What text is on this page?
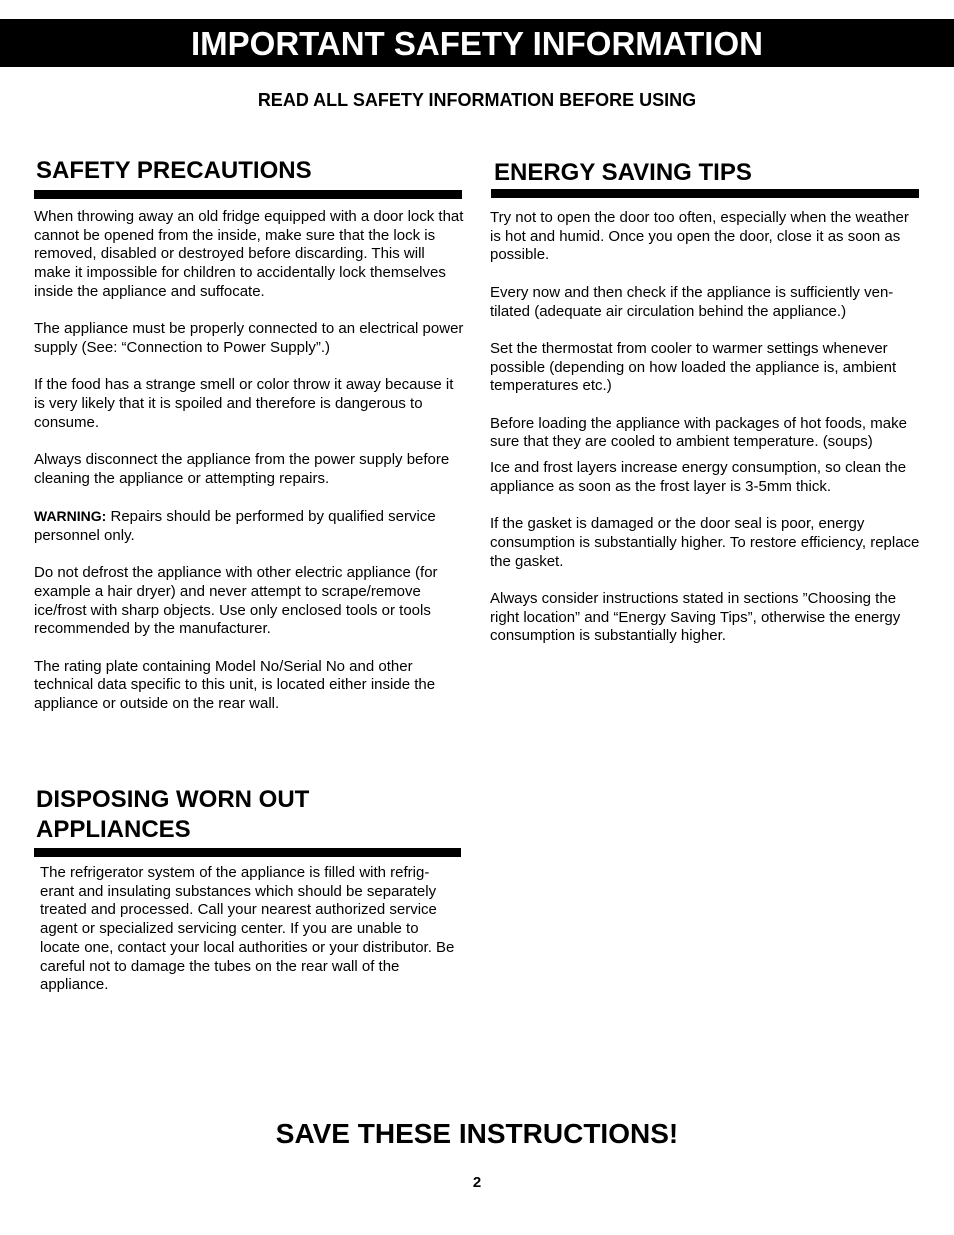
IMPORTANT SAFETY INFORMATION
READ ALL SAFETY INFORMATION BEFORE USING
SAFETY PRECAUTIONS

When throwing away an old fridge equipped with a door lock that cannot be opened from the inside, make sure that the lock is removed, disabled or destroyed before discarding. This will make it impossible for children to accidentally lock themselves inside the appliance and suffocate.

The appliance must be properly connected to an electrical power supply (See: “Connection to Power Supply”.)

If the food has a strange smell or color throw it away because it is very likely that it is spoiled and therefore is dangerous to consume.

Always disconnect the appliance from the power supply before cleaning the appliance or attempting repairs.

WARNING: Repairs should be performed by qualified service personnel only.

Do not defrost the appliance with other electric appliance (for example a hair dryer) and never attempt to scrape/remove ice/frost with sharp objects. Use only enclosed tools or tools recommended by the manufacturer.

The rating plate containing Model No/Serial No and other technical data specific to this unit, is located either inside the appliance or outside on the rear wall.

DISPOSING WORN OUT
APPLIANCES

The refrigerator system of the appliance is filled with refrig-erant and insulating substances which should be separately treated and processed. Call your nearest authorized service agent or specialized servicing center. If you are unable to locate one, contact your local authorities or your distributor. Be careful not to damage the tubes on the rear wall of the appliance.

ENERGY SAVING TIPS

Try not to open the door too often, especially when the weather is hot and humid. Once you open the door, close it as soon as possible.

Every now and then check if the appliance is sufficiently ven-tilated (adequate air circulation behind the appliance.)

Set the thermostat from cooler to warmer settings whenever possible (depending on how loaded the appliance is, ambient temperatures etc.)

Before loading the appliance with packages of hot foods, make sure that they are cooled to ambient temperature. (soups)

Ice and frost layers increase energy consumption, so clean the appliance as soon as the frost layer is 3-5mm thick.

If the gasket is damaged or the door seal is poor, energy consumption is substantially higher. To restore efficiency, replace the gasket.

Always consider instructions stated in sections ”Choosing the right location” and “Energy Saving Tips”, otherwise the energy consumption is substantially higher.

SAVE THESE INSTRUCTIONS!
2
